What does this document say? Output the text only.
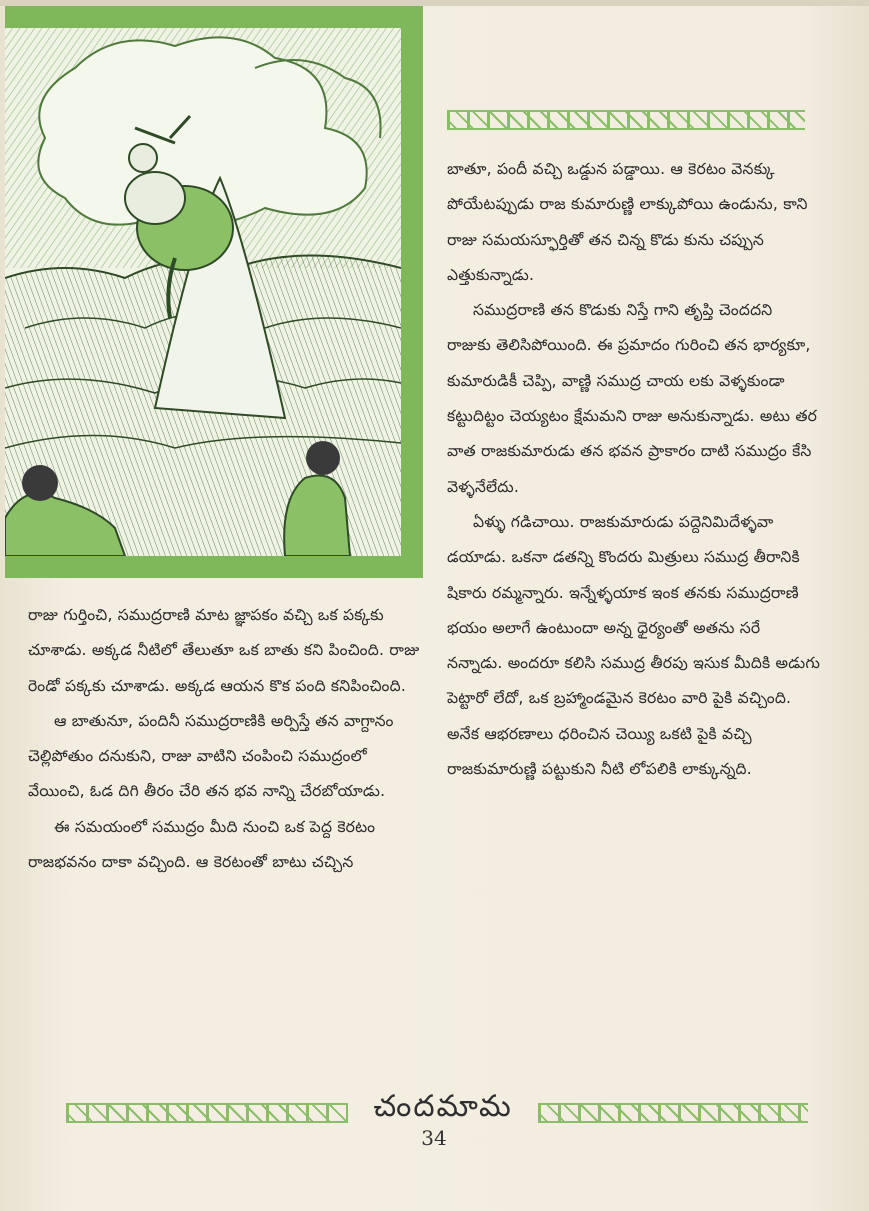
బాతూ, పందీ వచ్చి ఒడ్డున పడ్డాయి. ఆ కెరటం వెనక్కు పోయేటప్పుడు రాజ కుమారుణ్ణి లాక్కుపోయి ఉండును, కాని రాజు సమయస్ఫూర్తితో తన చిన్న కొడు కును చప్పున ఎత్తుకున్నాడు.

సముద్రరాణి తన కొడుకు నిస్తే గాని తృప్తి చెందదని రాజుకు తెలిసిపోయింది. ఈ ప్రమాదం గురించి తన భార్యకూ, కుమారుడికీ చెప్పి, వాణ్ణి సముద్ర చాయ లకు వెళ్ళకుండా కట్టుదిట్టం చెయ్యటం క్షేమమని రాజు అనుకున్నాడు. అటు తర వాత రాజకుమారుడు తన భవన ప్రాకారం దాటి సముద్రం కేసి వెళ్ళనేలేదు.

ఏళ్ళు గడిచాయి. రాజకుమారుడు పద్దెనిమిదేళ్ళవా డయాడు. ఒకనా డతన్ని కొందరు మిత్రులు సముద్ర తీరానికి షికారు రమ్మన్నారు. ఇన్నేళ్ళయాక ఇంక తనకు సముద్రరాణి భయం అలాగే ఉంటుందా అన్న ధైర్యంతో అతను సరే నన్నాడు. అందరూ కలిసి సముద్ర తీరపు ఇసుక మీదికి అడుగు పెట్టారో లేదో, ఒక బ్రహ్మాండమైన కెరటం వారి పైకి వచ్చింది. అనేక ఆభరణాలు ధరించిన చెయ్యి ఒకటి పైకి వచ్చి రాజకుమారుణ్ణి పట్టుకుని నీటి లోపలికి లాక్కున్నది.

రాజు గుర్తించి, సముద్రరాణి మాట జ్ఞాపకం వచ్చి ఒక పక్కకు చూశాడు. అక్కడ నీటిలో తేలుతూ ఒక బాతు కని పించింది. రాజు రెండో పక్కకు చూశాడు. అక్కడ ఆయన కొక పంది కనిపించింది.

ఆ బాతునూ, పందినీ సముద్రరాణికి అర్పిస్తే తన వాగ్దానం చెల్లిపోతుం దనుకుని, రాజు వాటిని చంపించి సముద్రంలో వేయించి, ఓడ దిగి తీరం చేరి తన భవ నాన్ని చేరబోయాడు.

ఈ సమయంలో సముద్రం మీది నుంచి ఒక పెద్ద కెరటం రాజభవనం దాకా వచ్చింది. ఆ కెరటంతో బాటు చచ్చిన

చందమామ
34
